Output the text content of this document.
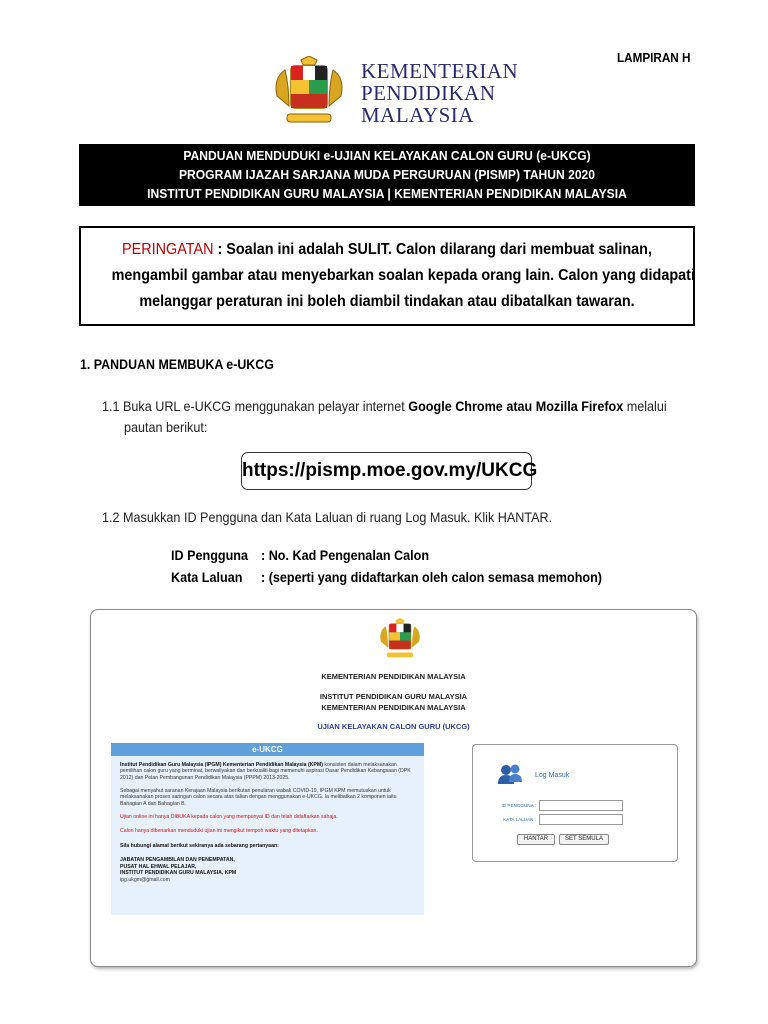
LAMPIRAN H
KEMENTERIAN
PENDIDIKAN
MALAYSIA
PANDUAN MENDUDUKI e-UJIAN KELAYAKAN CALON GURU (e-UKCG)
PROGRAM IJAZAH SARJANA MUDA PERGURUAN (PISMP) TAHUN 2020
INSTITUT PENDIDIKAN GURU MALAYSIA | KEMENTERIAN PENDIDIKAN MALAYSIA
PERINGATAN : Soalan ini adalah SULIT. Calon dilarang dari membuat salinan,
mengambil gambar atau menyebarkan soalan kepada orang lain. Calon yang didapati
melanggar peraturan ini boleh diambil tindakan atau dibatalkan tawaran.
1. PANDUAN MEMBUKA e-UKCG
1.1 Buka URL e-UKCG menggunakan pelayar internet Google Chrome atau Mozilla Firefox melalui
pautan berikut:
https://pismp.moe.gov.my/UKCG
1.2 Masukkan ID Pengguna dan Kata Laluan di ruang Log Masuk. Klik HANTAR.
ID Pengguna : No. Kad Pengenalan Calon
Kata Laluan : (seperti yang didaftarkan oleh calon semasa memohon)
KEMENTERIAN PENDIDIKAN MALAYSIA
INSTITUT PENDIDIKAN GURU MALAYSIA
KEMENTERIAN PENDIDIKAN MALAYSIA
UJIAN KELAYAKAN CALON GURU (UKCG)
e-UKCG
Institut Pendidikan Guru Malaysia (IPGM) Kementerian Pendidikan Malaysia (KPM) konsisten dalam melaksanakan pemilihan calon guru yang berminat, berwaliyakan dan berkualiti bagi memenuhi aspirasi Dasar Pendidikan Kebangsaan (DPK 2012) dan Pelan Pembangunan Pendidikan Malaysia (PPPM) 2013-2025.
Sebagai menyahut saranan Kerajaan Malaysia berikutan penularan wabak COVID-19, IPGM KPM memutuskan untuk melaksanakan proses saringan calon secara atas talian dengan menggunakan e-UKCG. Ia melibatkan 2 komponen iaitu Bahagian A dan Bahagian B.
Ujian online ini hanya DIBUKA kepada calon yang mempunyai ID dan telah didaftarkan sahaja.
Calon hanya dibenarkan menduduki ujian ini mengikut tempoh waktu yang ditetapkan.
Sila hubungi alamat berikut sekiranya ada sebarang pertanyaan:
JABATAN PENGAMBILAN DAN PENEMPATAN,
PUSAT HAL EHWAL PELAJAR,
INSTITUT PENDIDIKAN GURU MALAYSIA, KPM
ipg.ukgm@gmail.com
Log Masuk
ID PENGGUNA :
KATA LALUAN :
HANTAR	SET SEMULA
